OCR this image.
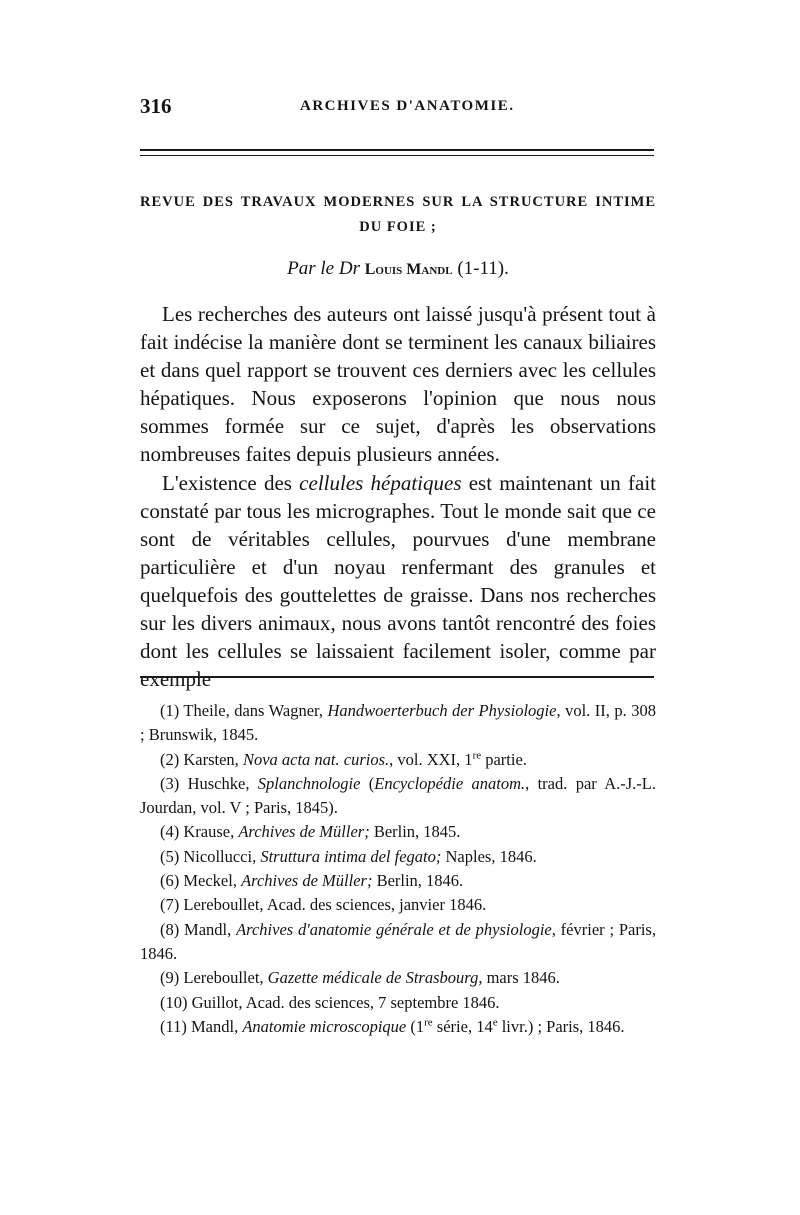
316	ARCHIVES D'ANATOMIE.
REVUE DES TRAVAUX MODERNES SUR LA STRUCTURE INTIME
DU FOIE ;
Par le Dr Louis Mandl (1-11).

Les recherches des auteurs ont laissé jusqu'à présent tout à fait indécise la manière dont se terminent les canaux biliaires et dans quel rapport se trouvent ces derniers avec les cellules hépatiques. Nous exposerons l'opinion que nous nous sommes formée sur ce sujet, d'après les observations nombreuses faites depuis plusieurs années.

L'existence des cellules hépatiques est maintenant un fait constaté par tous les micrographes. Tout le monde sait que ce sont de véritables cellules, pourvues d'une membrane particulière et d'un noyau renfermant des granules et quelquefois des gouttelettes de graisse. Dans nos recherches sur les divers animaux, nous avons tantôt rencontré des foies dont les cellules se laissaient facilement isoler, comme par exemple

(1) Theile, dans Wagner, Handwoerterbuch der Physiologie, vol. II, p. 308 ; Brunswik, 1845.

(2) Karsten, Nova acta nat. curios., vol. XXI, 1re partie.

(3) Huschke, Splanchnologie (Encyclopédie anatom., trad. par A.-J.-L. Jourdan, vol. V ; Paris, 1845).

(4) Krause, Archives de Müller; Berlin, 1845.

(5) Nicollucci, Struttura intima del fegato; Naples, 1846.

(6) Meckel, Archives de Müller; Berlin, 1846.

(7) Lereboullet, Acad. des sciences, janvier 1846.

(8) Mandl, Archives d'anatomie générale et de physiologie, février ; Paris, 1846.

(9) Lereboullet, Gazette médicale de Strasbourg, mars 1846.

(10) Guillot, Acad. des sciences, 7 septembre 1846.

(11) Mandl, Anatomie microscopique (1re série, 14e livr.) ; Paris, 1846.
